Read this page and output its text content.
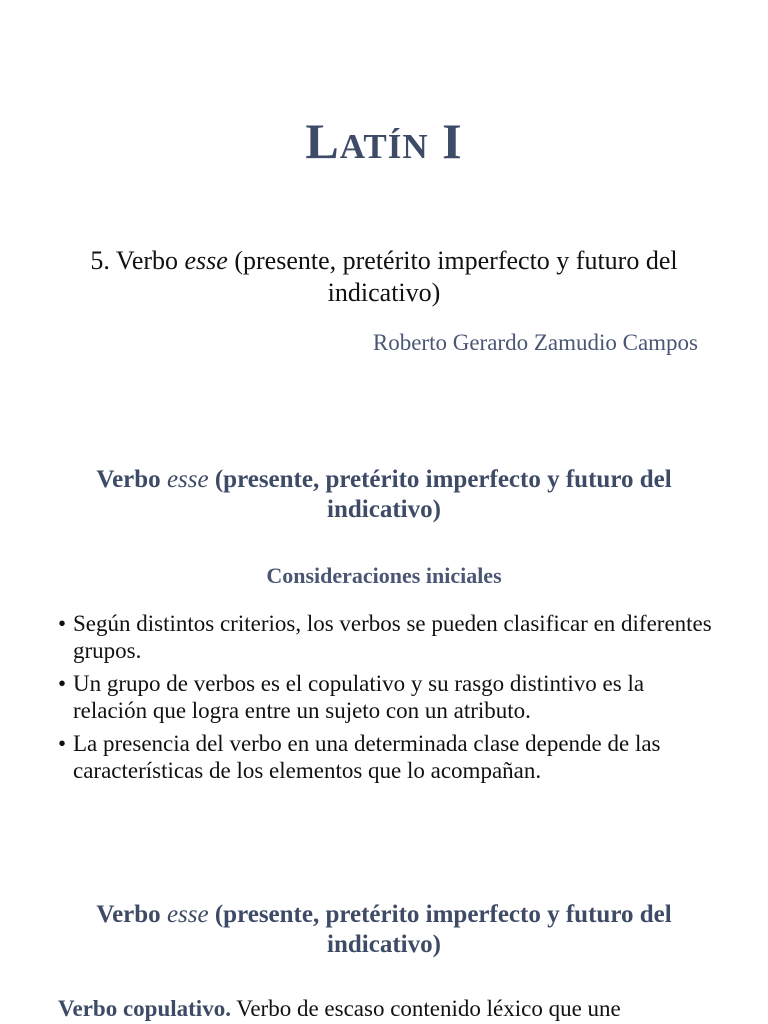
Latín I
5. Verbo esse (presente, pretérito imperfecto y futuro del indicativo)
Roberto Gerardo Zamudio Campos
Verbo esse (presente, pretérito imperfecto y futuro del indicativo)
Consideraciones iniciales
• Según distintos criterios, los verbos se pueden clasificar en diferentes grupos.
• Un grupo de verbos es el copulativo y su rasgo distintivo es la relación que logra entre un sujeto con un atributo.
• La presencia del verbo en una determinada clase depende de las características de los elementos que lo acompañan.
Verbo esse (presente, pretérito imperfecto y futuro del indicativo)
Verbo copulativo. Verbo de escaso contenido léxico que une
